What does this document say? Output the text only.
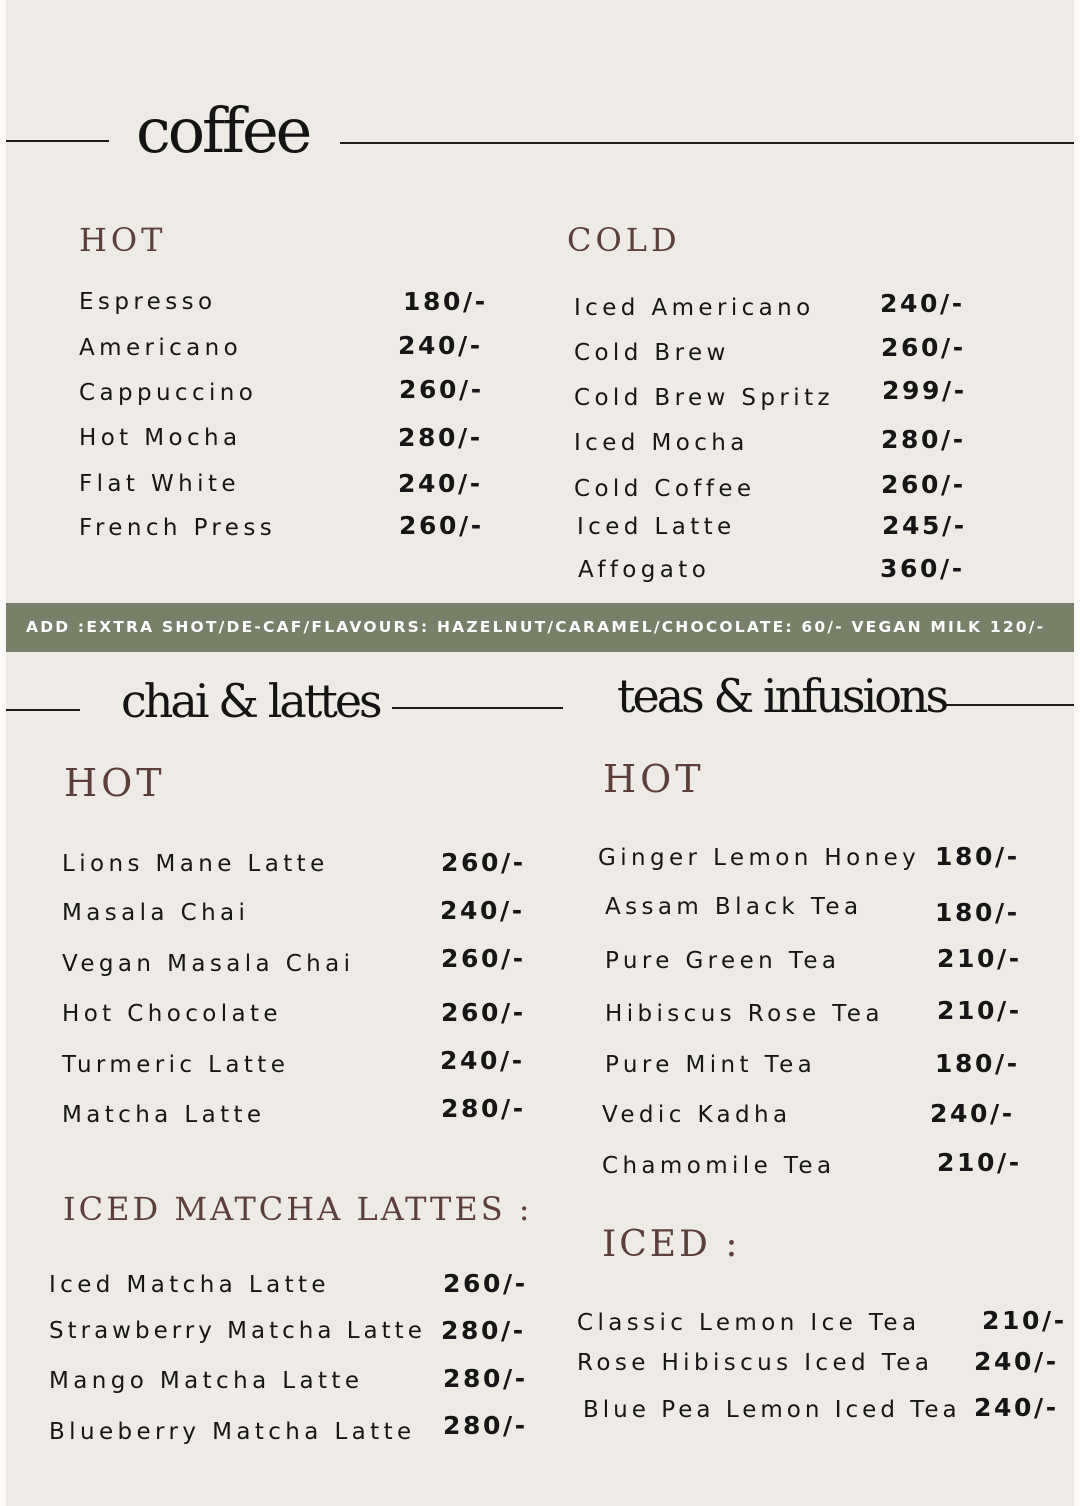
coffee
HOT	COLD
Espresso	180/-
Americano	240/-
Cappuccino	260/-
Hot Mocha	280/-
Flat White	240/-
French Press	260/-
Iced Americano	240/-
Cold Brew	260/-
Cold Brew Spritz 299/-
Iced Mocha	280/-
Cold Coffee	260/-
Iced Latte	245/-
Affogato	360/-
ADD :EXTRA SHOT/DE-CAF/FLAVOURS: HAZELNUT/CARAMEL/CHOCOLATE: 60/- VEGAN MILK 120/-
chai & lattes
HOT
Lions Mane Latte	260/-
Masala Chai	240/-
Vegan Masala Chai	260/-
Hot Chocolate	260/-
Turmeric Latte	240/-
Matcha Latte	280/-
ICED MATCHA LATTES :
Iced Matcha Latte	260/-
Strawberry Matcha Latte 280/-
Mango Matcha Latte	280/-
Blueberry Matcha Latte 280/-
teas & infusions
HOT
Ginger Lemon Honey 180/-
Assam Black Tea	180/-
Pure Green Tea	210/-
Hibiscus Rose Tea 210/-
Pure Mint Tea	180/-
Vedic Kadha	240/-
Chamomile Tea	210/-
ICED :
Classic Lemon Ice Tea 210/-
Rose Hibiscus Iced Tea 240/-
Blue Pea Lemon Iced Tea 240/-
